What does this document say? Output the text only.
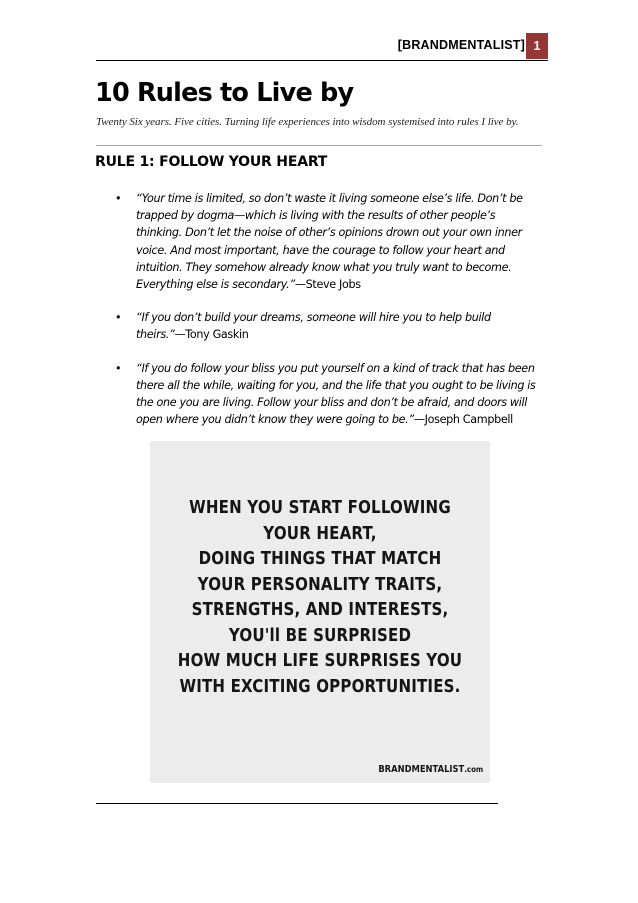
[BRANDMENTALIST] 1
10 Rules to Live by
Twenty Six years. Five cities. Turning life experiences into wisdom systemised into rules I live by.
RULE 1: FOLLOW YOUR HEART
• “Your time is limited, so don’t waste it living someone else’s life. Don’t be trapped by dogma—which is living with the results of other people’s thinking. Don’t let the noise of other’s opinions drown out your own inner voice. And most important, have the courage to follow your heart and intuition. They somehow already know what you truly want to become. Everything else is secondary.”—Steve Jobs
• “If you don’t build your dreams, someone will hire you to help build theirs.”—Tony Gaskin
• “If you do follow your bliss you put yourself on a kind of track that has been there all the while, waiting for you, and the life that you ought to be living is the one you are living. Follow your bliss and don’t be afraid, and doors will open where you didn’t know they were going to be.”—Joseph Campbell
WHEN YOU START FOLLOWING
YOUR HEART,
DOING THINGS THAT MATCH
YOUR PERSONALITY TRAITS,
STRENGTHS, AND INTERESTS,
YOU'll BE SURPRISED
HOW MUCH LIFE SURPRISES YOU
WITH EXCITING OPPORTUNITIES.
BRANDMENTALIST.com
